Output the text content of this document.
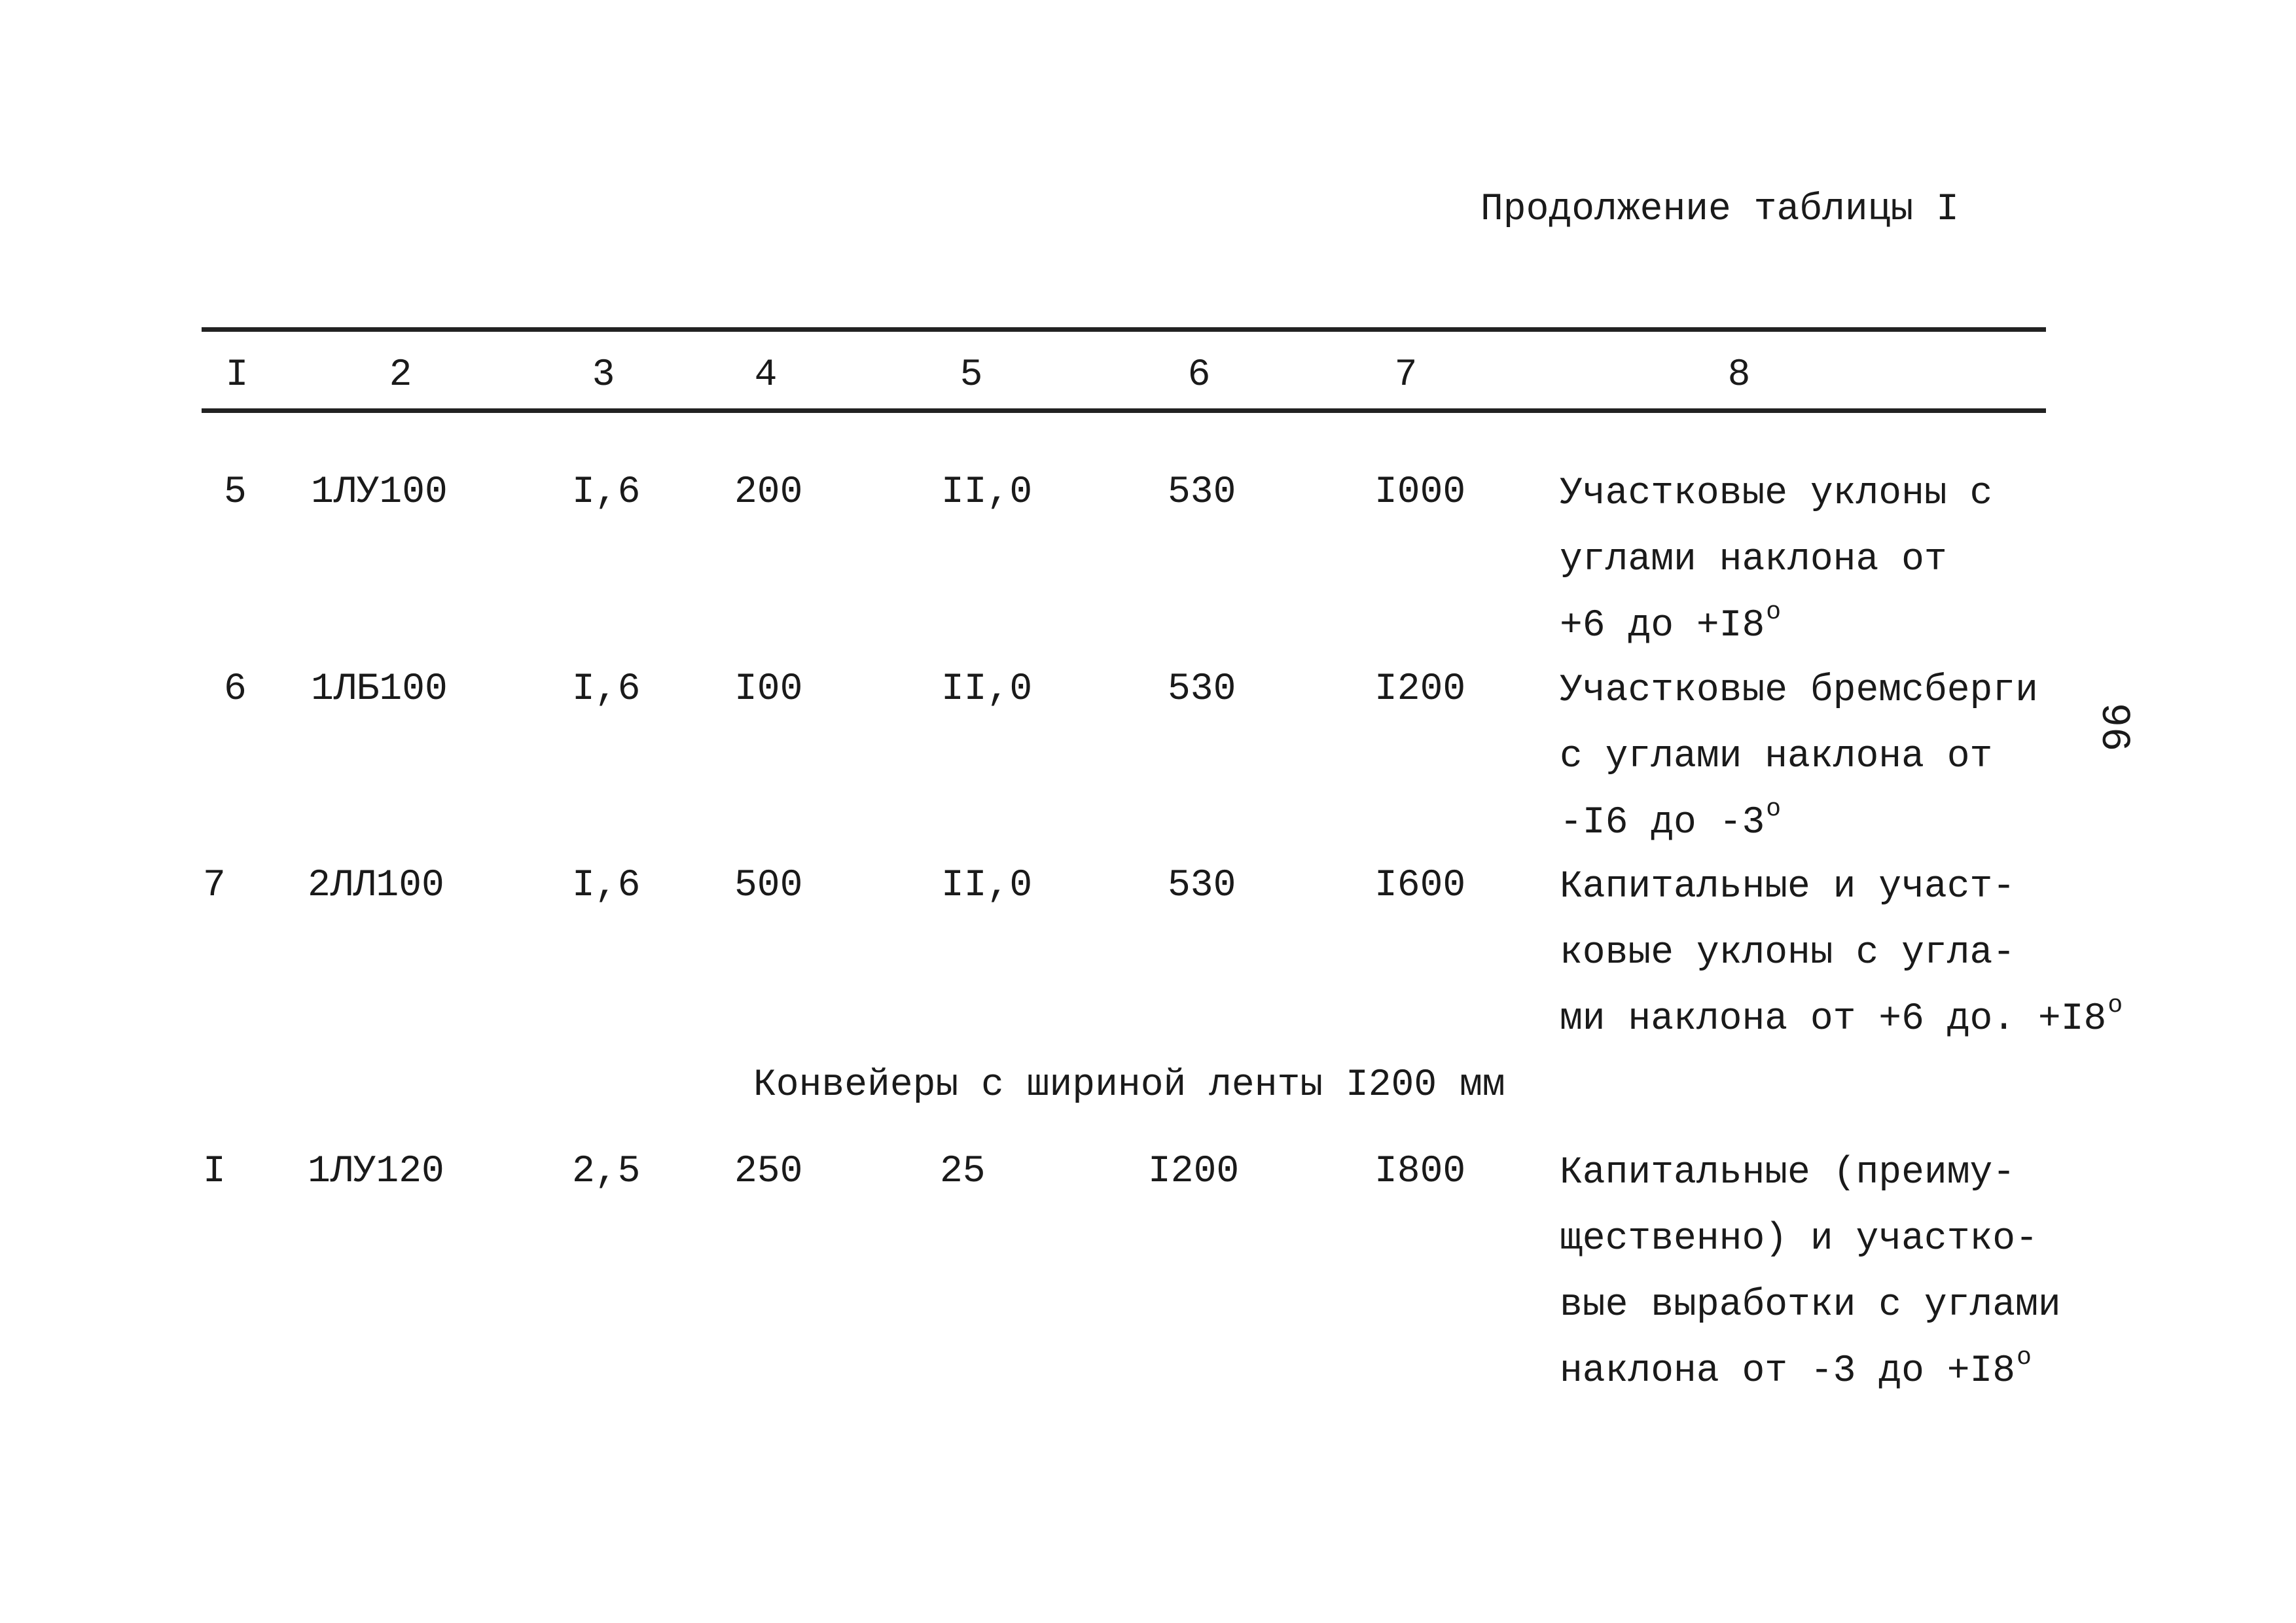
Продолжение таблицы I
I	2	3	4	5	6	7	8
5 1ЛУ100	I,6 200	II,0	530	I000 Участковые уклоны с
углами наклона от
+6 до $+I8^о$
6 1ЛБ100	I,6 I00	II,0	530	I200 Участковые бремсберги
с углами наклона от
-I6 до $-3^о$
7 2ЛЛ100	I,6 500	II,0	530	I600 Капитальные и участ-
ковые уклоны с угла-
ми наклона от +6 до. $+I8^о$
Конвейеры с шириной ленты I200 мм
I 1ЛУ120	2,5 250	25	I200	I800 Капитальные (преиму-
щественно) и участко-
вые выработки с углами
наклона от -3 до $+I8^о$
96
